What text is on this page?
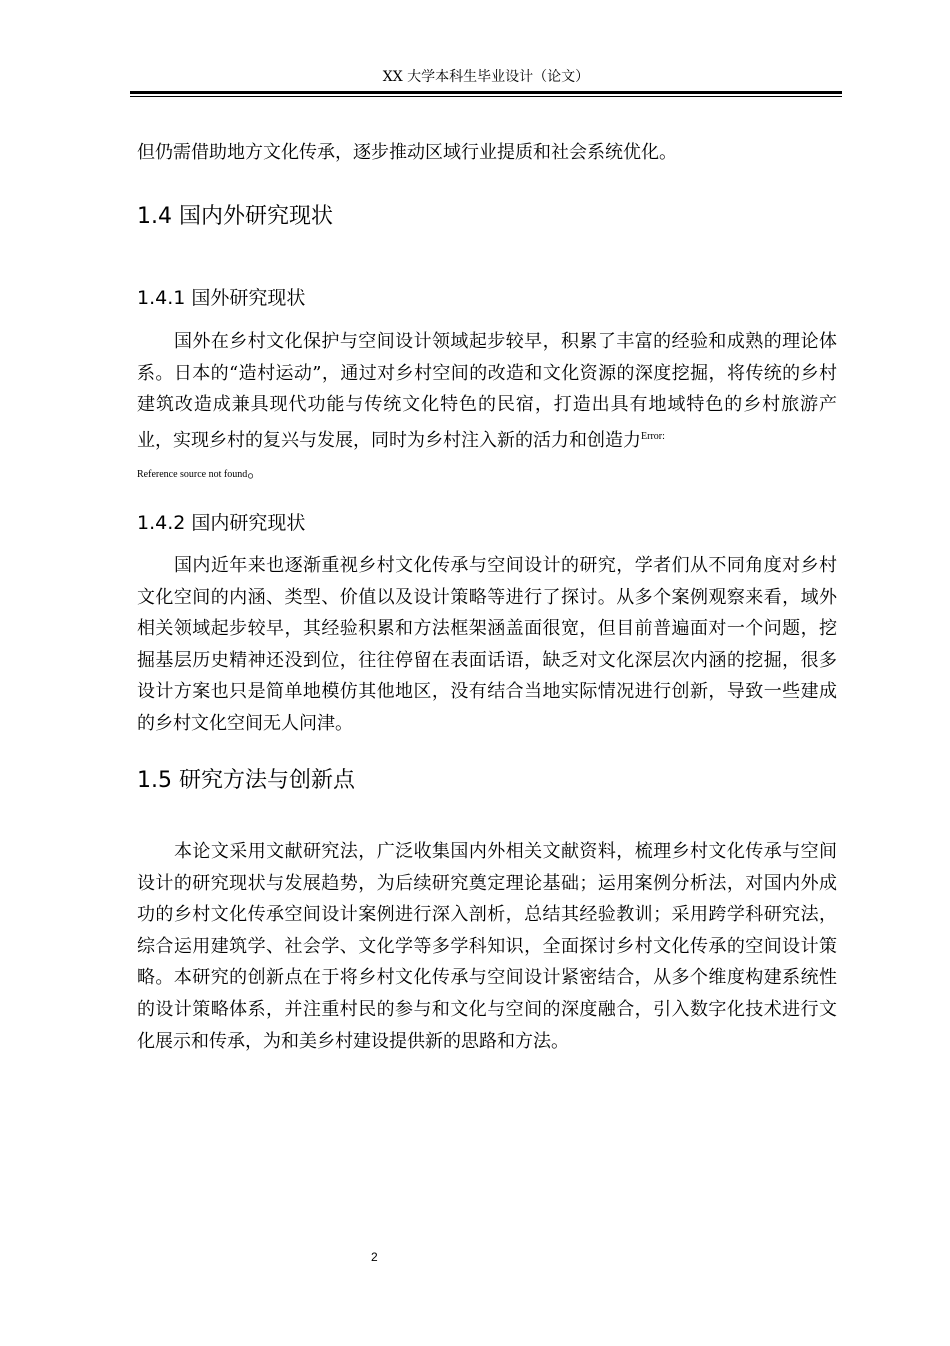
XX 大学本科生毕业设计（论文）
但仍需借助地方文化传承，逐步推动区域行业提质和社会系统优化。
1.4 国内外研究现状
1.4.1 国外研究现状
国外在乡村文化保护与空间设计领域起步较早，积累了丰富的经验和成熟的理论体系。日本的“造村运动”，通过对乡村空间的改造和文化资源的深度挖掘，将传统的乡村建筑改造成兼具现代功能与传统文化特色的民宿，打造出具有地域特色的乡村旅游产业，实现乡村的复兴与发展，同时为乡村注入新的活力和创造力$^{Error:}$
Reference source not found。
1.4.2 国内研究现状
国内近年来也逐渐重视乡村文化传承与空间设计的研究，学者们从不同角度对乡村文化空间的内涵、类型、价值以及设计策略等进行了探讨。从多个案例观察来看，域外相关领域起步较早，其经验积累和方法框架涵盖面很宽，但目前普遍面对一个问题，挖掘基层历史精神还没到位，往往停留在表面话语，缺乏对文化深层次内涵的挖掘，很多设计方案也只是简单地模仿其他地区，没有结合当地实际情况进行创新，导致一些建成的乡村文化空间无人问津。
1.5 研究方法与创新点
本论文采用文献研究法，广泛收集国内外相关文献资料，梳理乡村文化传承与空间设计的研究现状与发展趋势，为后续研究奠定理论基础；运用案例分析法，对国内外成功的乡村文化传承空间设计案例进行深入剖析，总结其经验教训；采用跨学科研究法，综合运用建筑学、社会学、文化学等多学科知识，全面探讨乡村文化传承的空间设计策略。本研究的创新点在于将乡村文化传承与空间设计紧密结合，从多个维度构建系统性的设计策略体系，并注重村民的参与和文化与空间的深度融合，引入数字化技术进行文化展示和传承，为和美乡村建设提供新的思路和方法。
2
